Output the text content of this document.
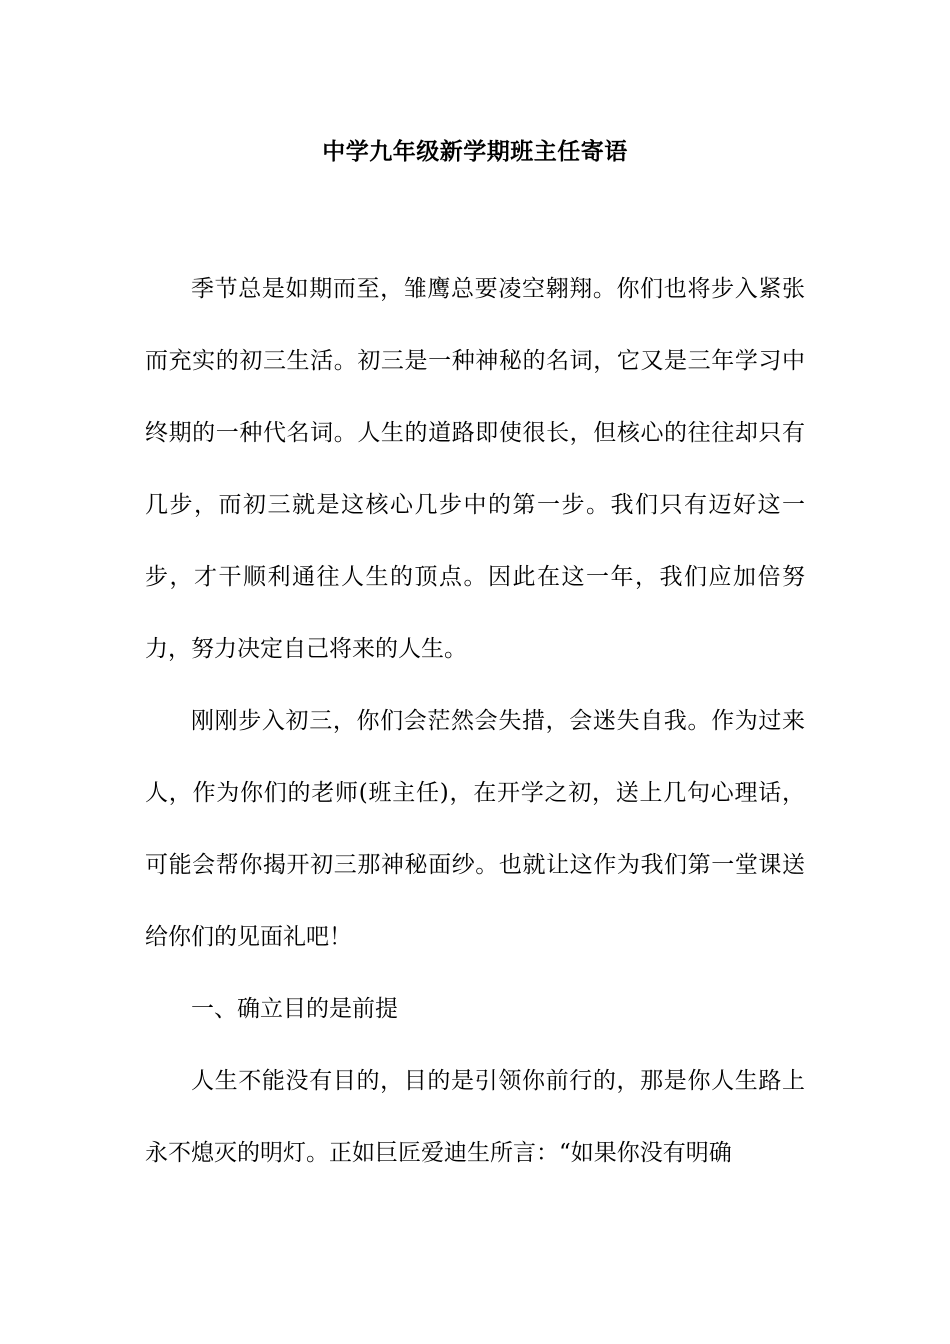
中学九年级新学期班主任寄语

季节总是如期而至，雏鹰总要凌空翱翔。你们也将步入紧张而充实的初三生活。初三是一种神秘的名词，它又是三年学习中终期的一种代名词。人生的道路即使很长，但核心的往往却只有几步，而初三就是这核心几步中的第一步。我们只有迈好这一步，才干顺利通往人生的顶点。因此在这一年，我们应加倍努力，努力决定自己将来的人生。

刚刚步入初三，你们会茫然会失措，会迷失自我。作为过来人，作为你们的老师(班主任)，在开学之初，送上几句心理话，可能会帮你揭开初三那神秘面纱。也就让这作为我们第一堂课送给你们的见面礼吧！

一、确立目的是前提

人生不能没有目的，目的是引领你前行的，那是你人生路上永不熄灭的明灯。正如巨匠爱迪生所言：“如果你没有明确
